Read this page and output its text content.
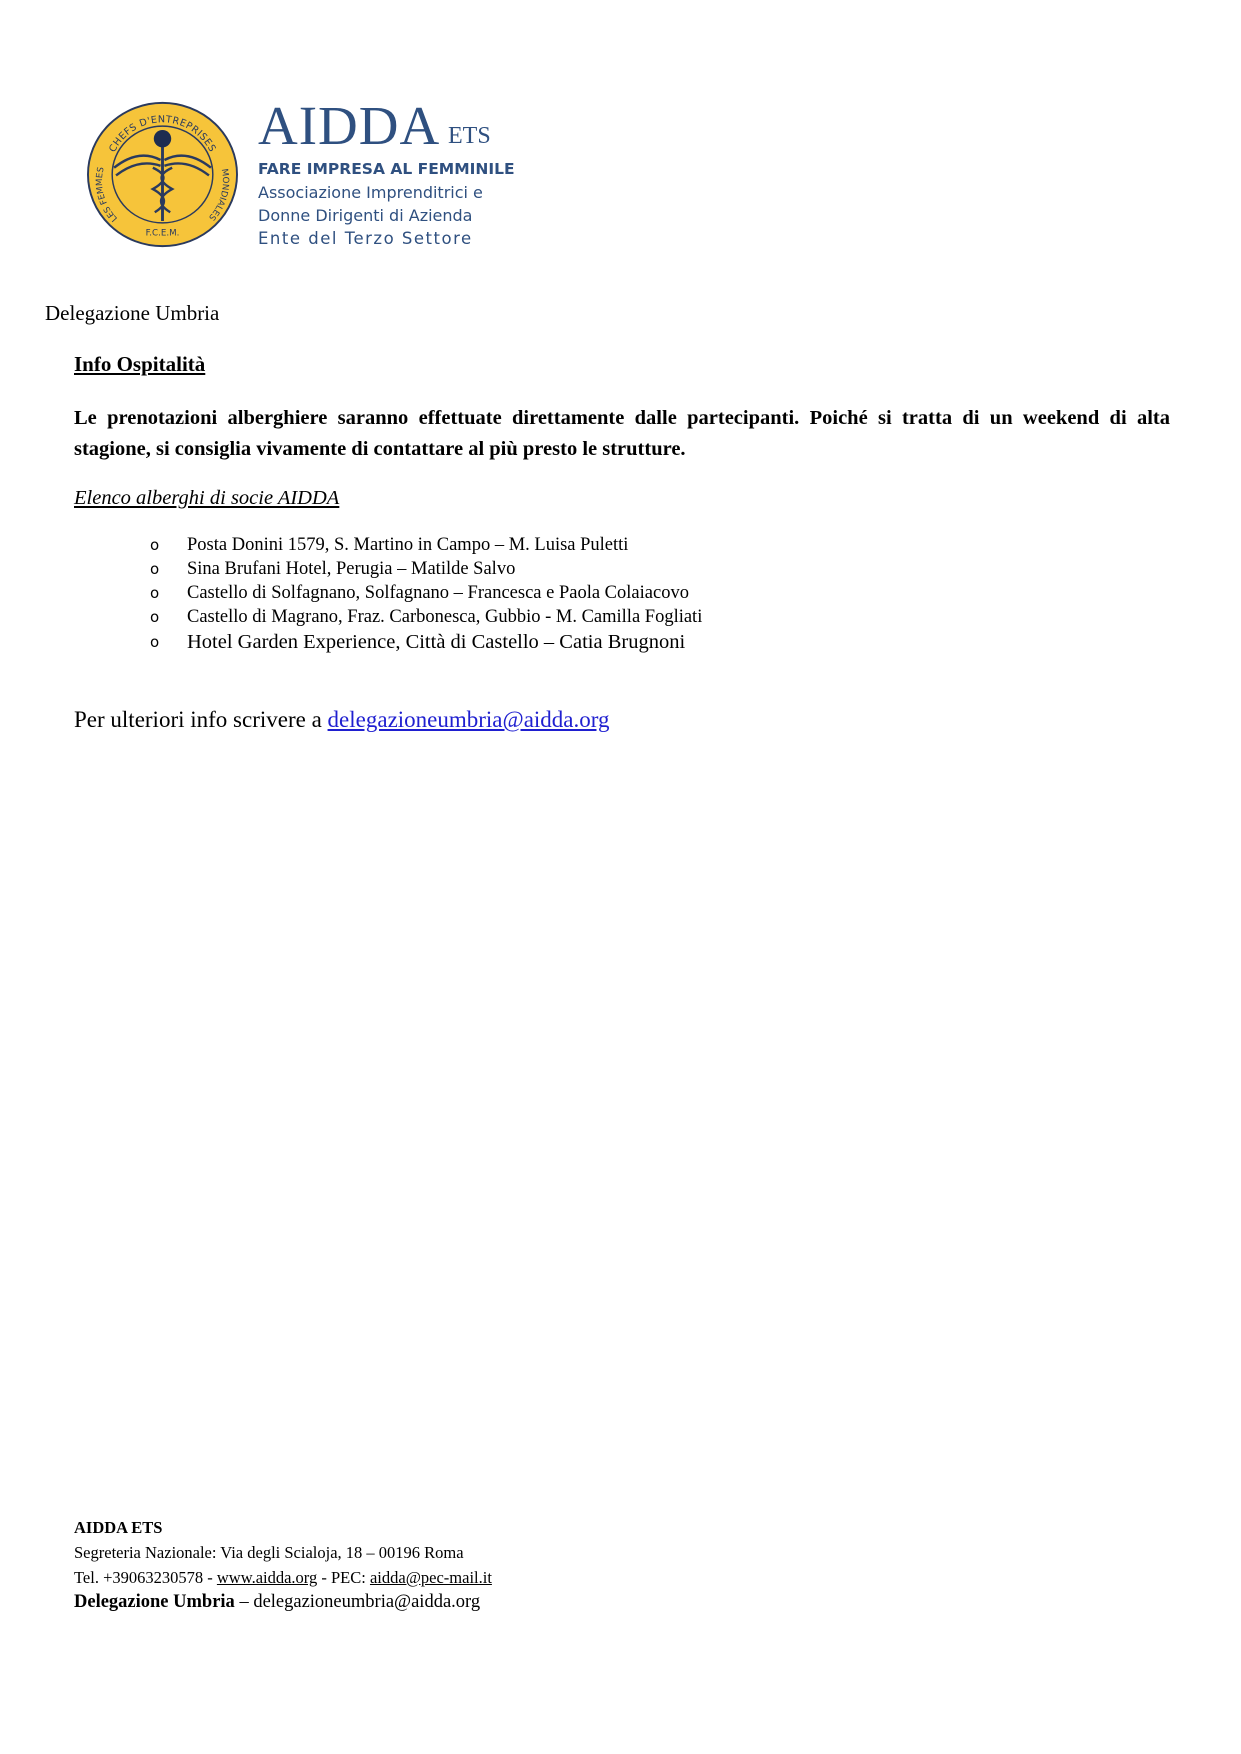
CHEFS D'ENTREPRISES
LES FEMMES	MONDIALES
F.C.E.M.
AIDDA ETS
FARE IMPRESA AL FEMMINILE
Associazione Imprenditrici e
Donne Dirigenti di Azienda
Ente del Terzo Settore
Delegazione Umbria
Info Ospitalità

Le prenotazioni alberghiere saranno effettuate direttamente dalle partecipanti. Poiché si tratta di un weekend di alta stagione, si consiglia vivamente di contattare al più presto le strutture.

Elenco alberghi di socie AIDDA
o Posta Donini 1579, S. Martino in Campo – M. Luisa Puletti
o Sina Brufani Hotel, Perugia – Matilde Salvo
o Castello di Solfagnano, Solfagnano – Francesca e Paola Colaiacovo
o Castello di Magrano, Fraz. Carbonesca, Gubbio - M. Camilla Fogliati
o Hotel Garden Experience, Città di Castello – Catia Brugnoni
Per ulteriori info scrivere a delegazioneumbria@aidda.org
AIDDA ETS
Segreteria Nazionale: Via degli Scialoja, 18 – 00196 Roma
Tel. +39063230578 - www.aidda.org - PEC: aidda@pec-mail.it
Delegazione Umbria – delegazioneumbria@aidda.org
